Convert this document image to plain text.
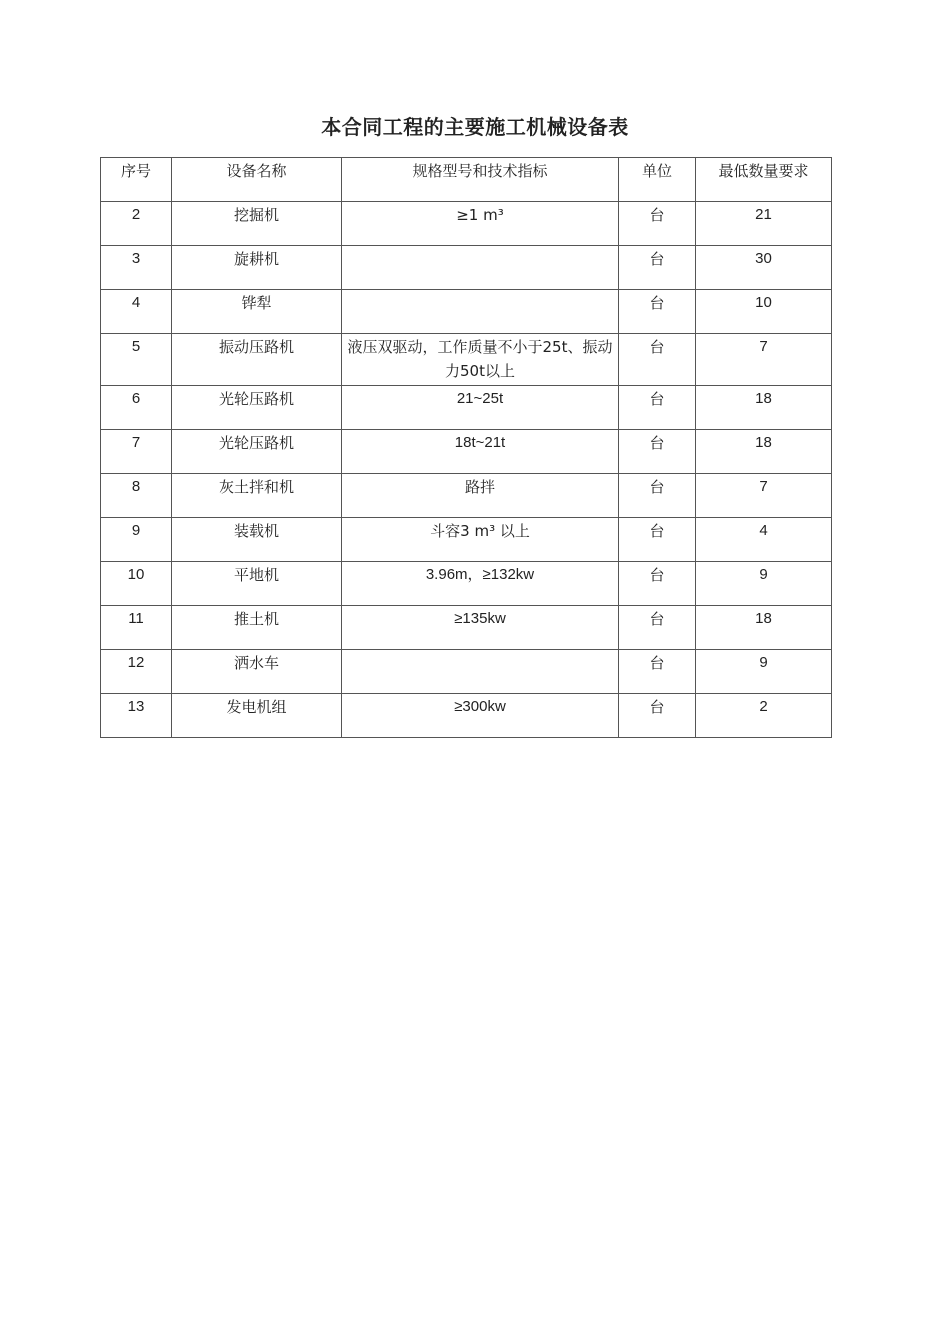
本合同工程的主要施工机械设备表
序号	设备名称	规格型号和技术指标	单位	最低数量要求
2	挖掘机	≥1 m³	台	21
3	旋耕机		台	30
4	铧犁		台	10
5	振动压路机	液压双驱动，工作质量不小于25t、振动力50t以上	台	7
6	光轮压路机	21~25t	台	18
7	光轮压路机	18t~21t	台	18
8	灰土拌和机	路拌	台	7
9	装载机	斗容3 m³ 以上	台	4
10	平地机	3.96m，≥132kw	台	9
11	推土机	≥135kw	台	18
12	洒水车		台	9
13	发电机组	≥300kw	台	2
